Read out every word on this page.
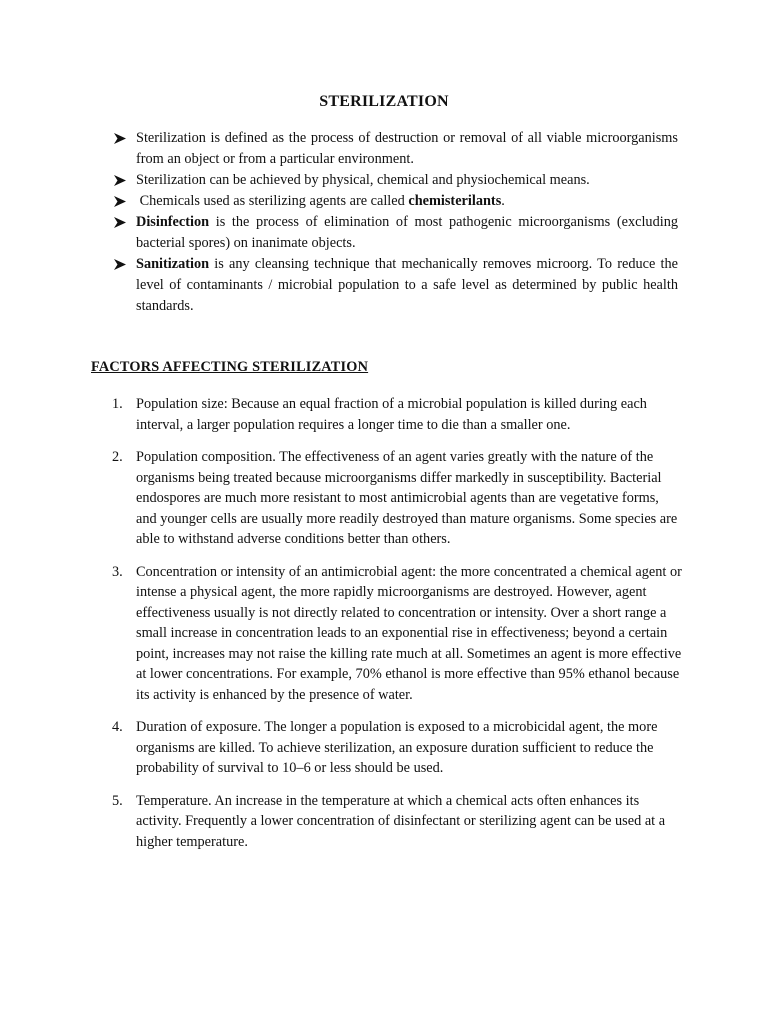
STERILIZATION
Sterilization is defined as the process of destruction or removal of all viable microorganisms from an object or from a particular environment.
Sterilization can be achieved by physical, chemical and physiochemical means.
Chemicals used as sterilizing agents are called chemisterilants.
Disinfection is the process of elimination of most pathogenic microorganisms (excluding bacterial spores) on inanimate objects.
Sanitization is any cleansing technique that mechanically removes microorg. To reduce the level of contaminants / microbial population to a safe level as determined by public health standards.
FACTORS AFFECTING STERILIZATION
1. Population size: Because an equal fraction of a microbial population is killed during each interval, a larger population requires a longer time to die than a smaller one.
2. Population composition. The effectiveness of an agent varies greatly with the nature of the organisms being treated because microorganisms differ markedly in susceptibility. Bacterial endospores are much more resistant to most antimicrobial agents than are vegetative forms, and younger cells are usually more readily destroyed than mature organisms. Some species are able to withstand adverse conditions better than others.
3. Concentration or intensity of an antimicrobial agent: the more concentrated a chemical agent or intense a physical agent, the more rapidly microorganisms are destroyed. However, agent effectiveness usually is not directly related to concentration or intensity. Over a short range a small increase in concentration leads to an exponential rise in effectiveness; beyond a certain point, increases may not raise the killing rate much at all. Sometimes an agent is more effective at lower concentrations. For example, 70% ethanol is more effective than 95% ethanol because its activity is enhanced by the presence of water.
4. Duration of exposure. The longer a population is exposed to a microbicidal agent, the more organisms are killed. To achieve sterilization, an exposure duration sufficient to reduce the probability of survival to 10–6 or less should be used.
5. Temperature. An increase in the temperature at which a chemical acts often enhances its activity. Frequently a lower concentration of disinfectant or sterilizing agent can be used at a higher temperature.
